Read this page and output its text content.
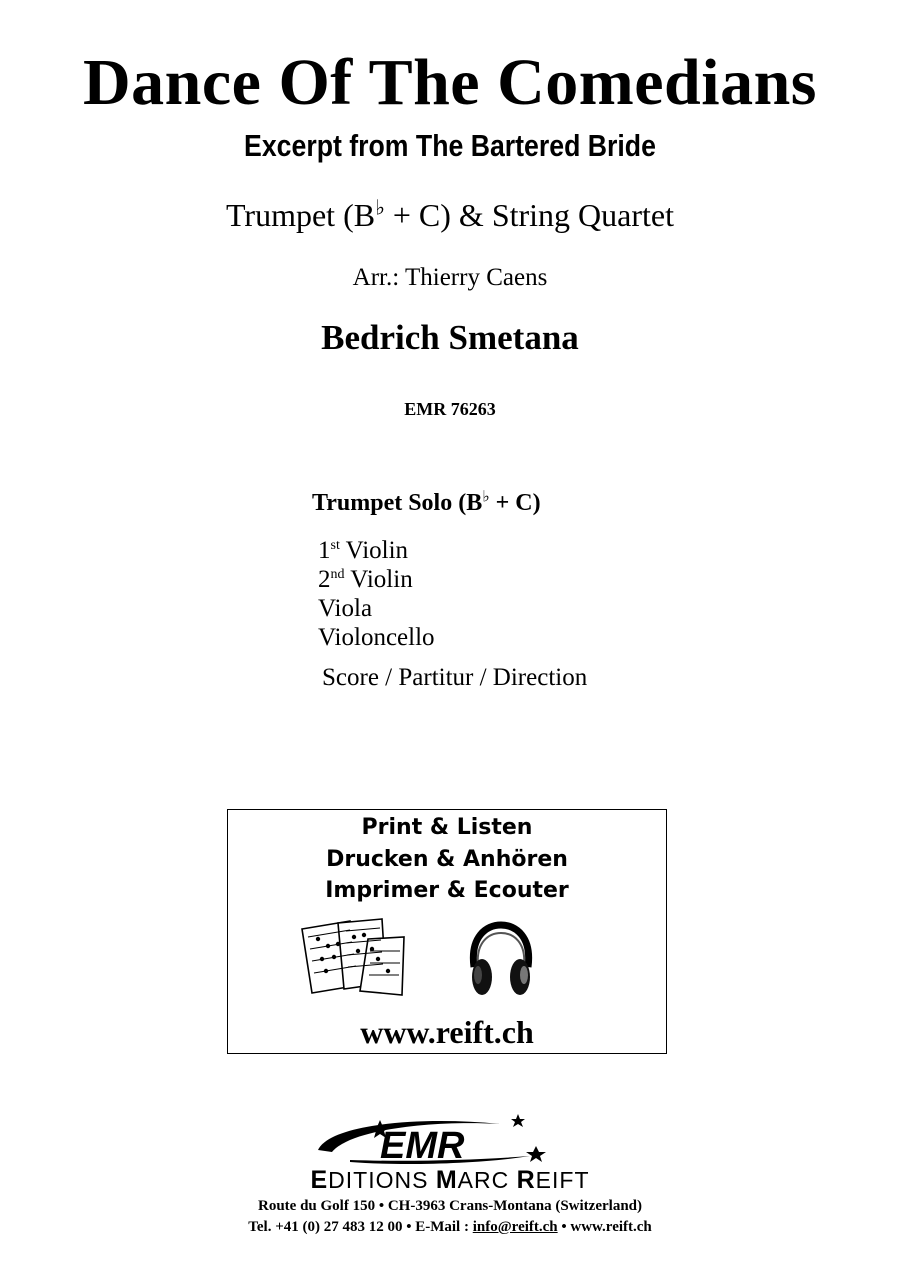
Dance Of The Comedians
Excerpt from The Bartered Bride
Trumpet (B♭ + C) & String Quartet
Arr.: Thierry Caens
Bedrich Smetana
EMR 76263
Trumpet Solo (B♭ + C)
1st Violin
2nd Violin
Viola
Violoncello
Score / Partitur / Direction
Print & Listen
Drucken & Anhören
Imprimer & Ecouter
www.reift.ch
EMR
EDITIONS MARC REIFT
Route du Golf 150 • CH-3963 Crans-Montana (Switzerland)
Tel. +41 (0) 27 483 12 00 • E-Mail : info@reift.ch • www.reift.ch
